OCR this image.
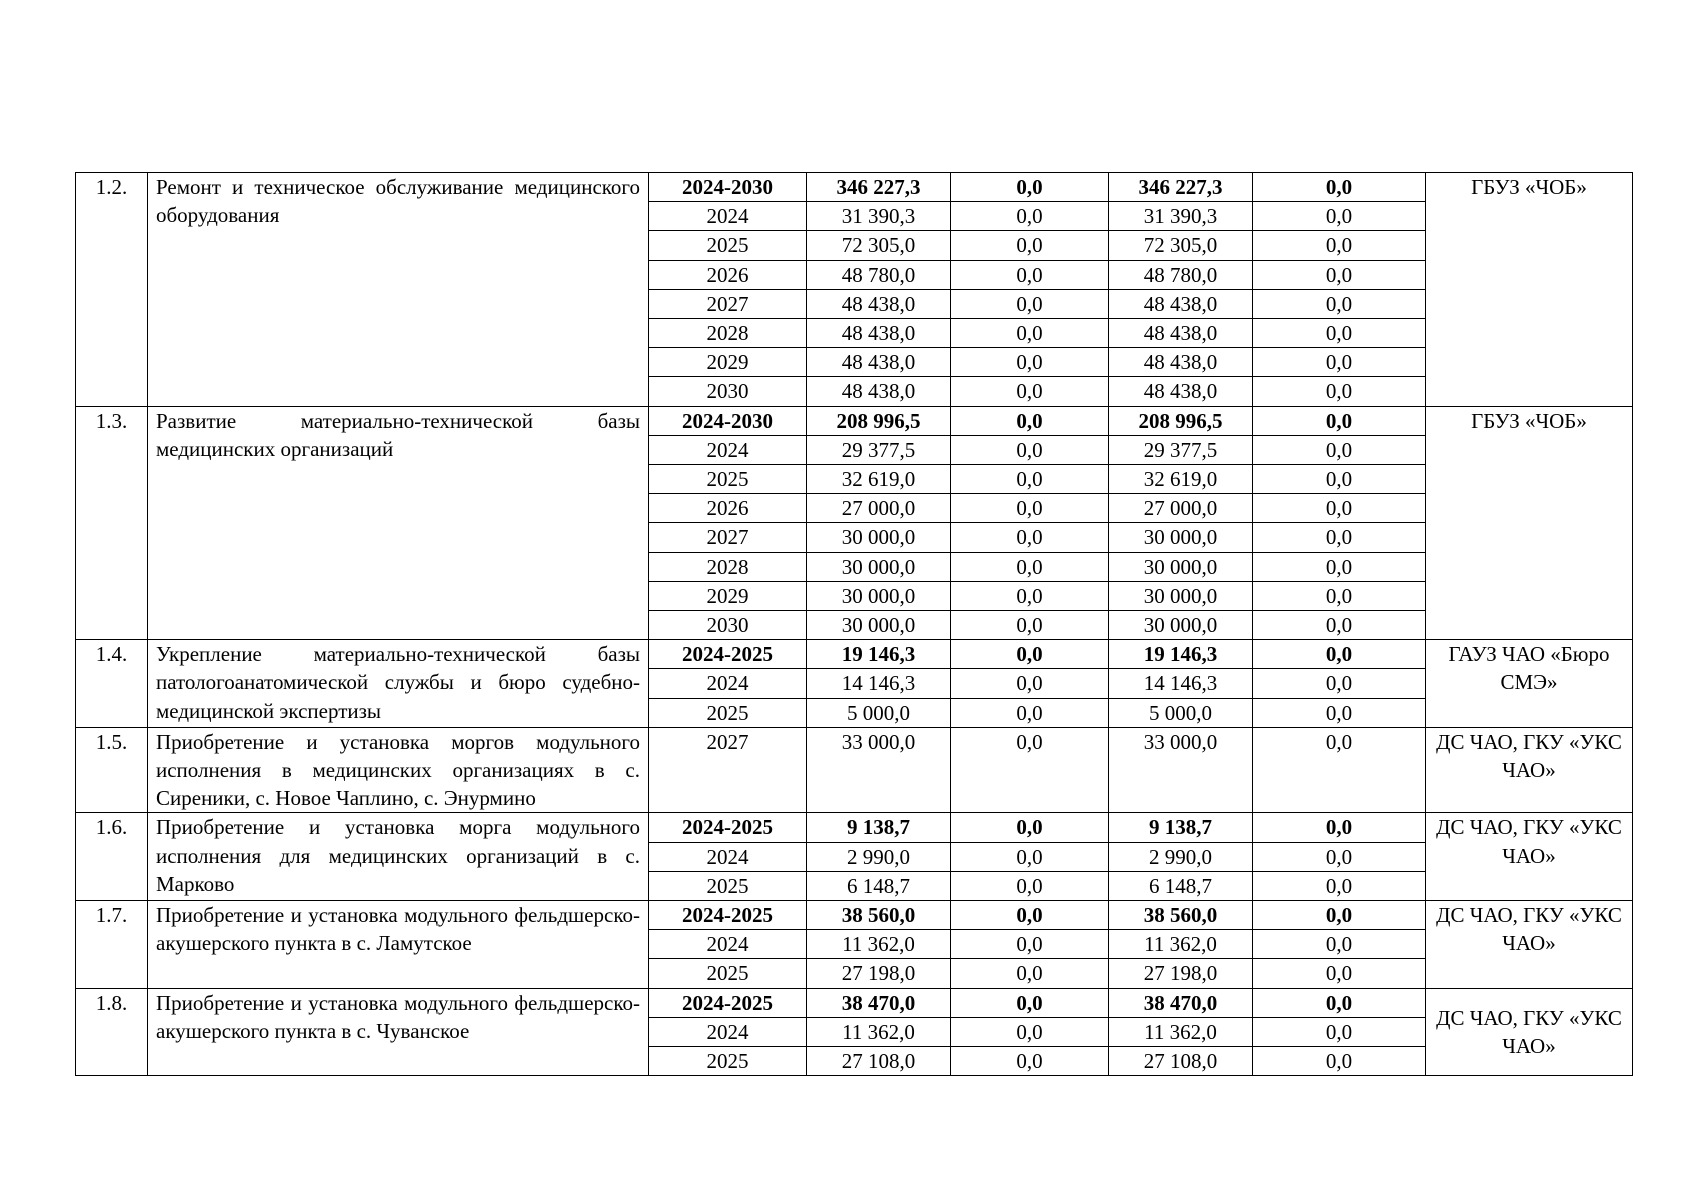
1.2.	Ремонт и техническое обслуживание медицинского оборудования	2024-2030	346 227,3	0,0	346 227,3	0,0	ГБУЗ «ЧОБ»
		2024	31 390,3	0,0	31 390,3	0,0	
		2025	72 305,0	0,0	72 305,0	0,0	
		2026	48 780,0	0,0	48 780,0	0,0	
		2027	48 438,0	0,0	48 438,0	0,0	
		2028	48 438,0	0,0	48 438,0	0,0	
		2029	48 438,0	0,0	48 438,0	0,0	
		2030	48 438,0	0,0	48 438,0	0,0	
1.3.	Развитие материально-технической базы медицинских организаций	2024-2030	208 996,5	0,0	208 996,5	0,0	ГБУЗ «ЧОБ»
		2024	29 377,5	0,0	29 377,5	0,0	
		2025	32 619,0	0,0	32 619,0	0,0	
		2026	27 000,0	0,0	27 000,0	0,0	
		2027	30 000,0	0,0	30 000,0	0,0	
		2028	30 000,0	0,0	30 000,0	0,0	
		2029	30 000,0	0,0	30 000,0	0,0	
		2030	30 000,0	0,0	30 000,0	0,0	
1.4.	Укрепление материально-технической базы патологоанатомической службы и бюро судебно-медицинской экспертизы	2024-2025	19 146,3	0,0	19 146,3	0,0	ГАУЗ ЧАО «Бюро СМЭ»
		2024	14 146,3	0,0	14 146,3	0,0	
		2025	5 000,0	0,0	5 000,0	0,0	
1.5.	Приобретение и установка моргов модульного исполнения в медицинских организациях в с. Сиреники, с. Новое Чаплино, с. Энурмино	2027	33 000,0	0,0	33 000,0	0,0	ДС ЧАО, ГКУ «УКС ЧАО»
1.6.	Приобретение и установка морга модульного исполнения для медицинских организаций в с. Марково	2024-2025	9 138,7	0,0	9 138,7	0,0	ДС ЧАО, ГКУ «УКС ЧАО»
		2024	2 990,0	0,0	2 990,0	0,0	
		2025	6 148,7	0,0	6 148,7	0,0	
1.7.	Приобретение и установка модульного фельдшерско-акушерского пункта в с. Ламутское	2024-2025	38 560,0	0,0	38 560,0	0,0	ДС ЧАО, ГКУ «УКС ЧАО»
		2024	11 362,0	0,0	11 362,0	0,0	
		2025	27 198,0	0,0	27 198,0	0,0	
1.8.	Приобретение и установка модульного фельдшерско-акушерского пункта в с. Чуванское	2024-2025	38 470,0	0,0	38 470,0	0,0	ДС ЧАО, ГКУ «УКС ЧАО»
		2024	11 362,0	0,0	11 362,0	0,0	
		2025	27 108,0	0,0	27 108,0	0,0	
